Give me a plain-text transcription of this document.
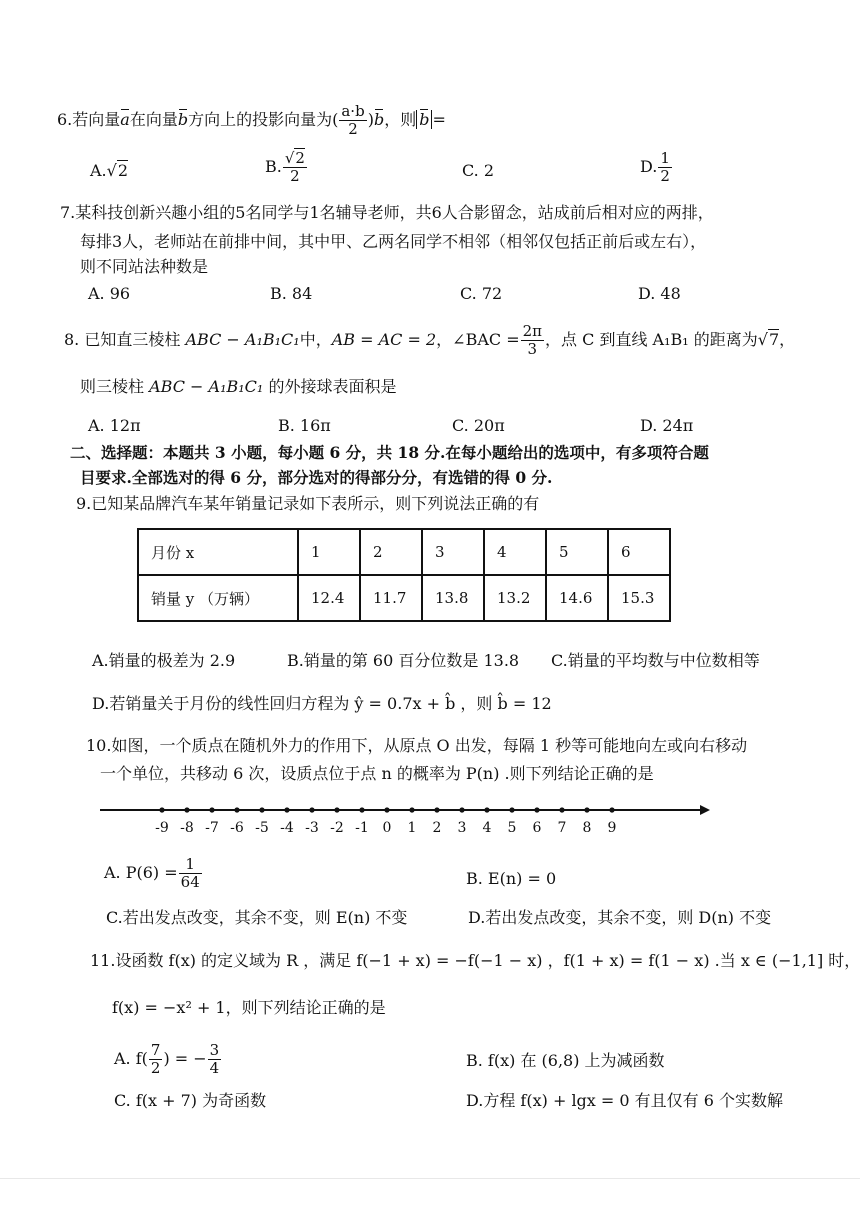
6.若向量a在向量b方向上的投影向量为( $\frac{a\cdot b}{2} )b$，则 b =
A.√2	B. $\frac{√2}{2}$	C. 2	D. $\frac{1}{2}$
7.某科技创新兴趣小组的5名同学与1名辅导老师，共6人合影留念，站成前后相对应的两排，
每排3人，老师站在前排中间，其中甲、乙两名同学不相邻（相邻仅包括正前后或左右），
则不同站法种数是
A. 96	B. 84	C. 72	D. 48
8. 已知直三棱柱 ABC − A₁B₁C₁中，AB = AC = 2，∠BAC = $\frac{2\pi}{3}$ ，点 C 到直线 A₁B₁ 的距离为√7，
则三棱柱 ABC − A₁B₁C₁ 的外接球表面积是
A. 12π	B. 16π	C. 20π	D. 24π
二、选择题：本题共 3 小题，每小题 6 分，共 18 分.在每小题给出的选项中，有多项符合题
目要求.全部选对的得 6 分，部分选对的得部分分，有选错的得 0 分.
9.已知某品牌汽车某年销量记录如下表所示，则下列说法正确的有
月份 x	1	2	3	4	5	6
销量 y （万辆）	12.4	11.7	13.8	13.2	14.6	15.3
A.销量的极差为 2.9	B.销量的第 60 百分位数是 13.8 C.销量的平均数与中位数相等
D.若销量关于月份的线性回归方程为 ŷ = 0.7x + b̂ ，则 b̂ = 12
10.如图，一个质点在随机外力的作用下，从原点 O 出发，每隔 1 秒等可能地向左或向右移动
一个单位，共移动 6 次，设质点位于点 n 的概率为 P(n) .则下列结论正确的是
-9 -8 -7 -6 -5 -4 -3 -2 -1 0 1 2 3 4 5 6 7 8 9
A. $P(6) = \frac{1}{64}$	B. E(n) = 0
C.若出发点改变，其余不变，则 E(n) 不变	D.若出发点改变，其余不变，则 D(n) 不变
11.设函数 f(x) 的定义域为 R ，满足 f(−1 + x) = −f(−1 − x) ，f(1 + x) = f(1 − x) .当 x ∈ (−1,1] 时，
f(x) = −x² + 1，则下列结论正确的是
A. $f( \frac{7}{2}$ ) = − $\frac{3}{4}$	B. f(x) 在 (6,8) 上为减函数
C. f(x + 7) 为奇函数	D.方程 f(x) + lgx = 0 有且仅有 6 个实数解
